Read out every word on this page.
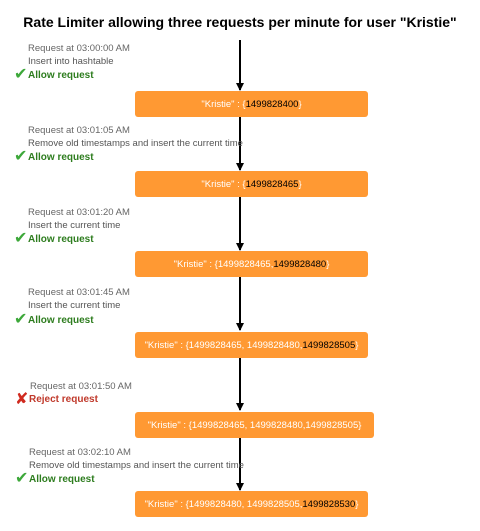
Rate Limiter allowing three requests per minute for user "Kristie"
Request at 03:00:00 AM
Insert into hashtable
✔ Allow request
"Kristie" : { 1499828400 }
Request at 03:01:05 AM
Remove old timestamps and insert the current time
✔ Allow request
"Kristie" : { 1499828465 }
Request at 03:01:20 AM
Insert the current time
✔ Allow request
"Kristie" : { 1499828465, 1499828480 }
Request at 03:01:45 AM
Insert the current time
✔ Allow request
"Kristie" : { 1499828465, 1499828480, 1499828505 }
Request at 03:01:50 AM
✘ Reject request
"Kristie" : { 1499828465, 1499828480,1499828505 }
Request at 03:02:10 AM
Remove old timestamps and insert the current time
✔ Allow request
"Kristie" : { 1499828480, 1499828505, 1499828530 }
